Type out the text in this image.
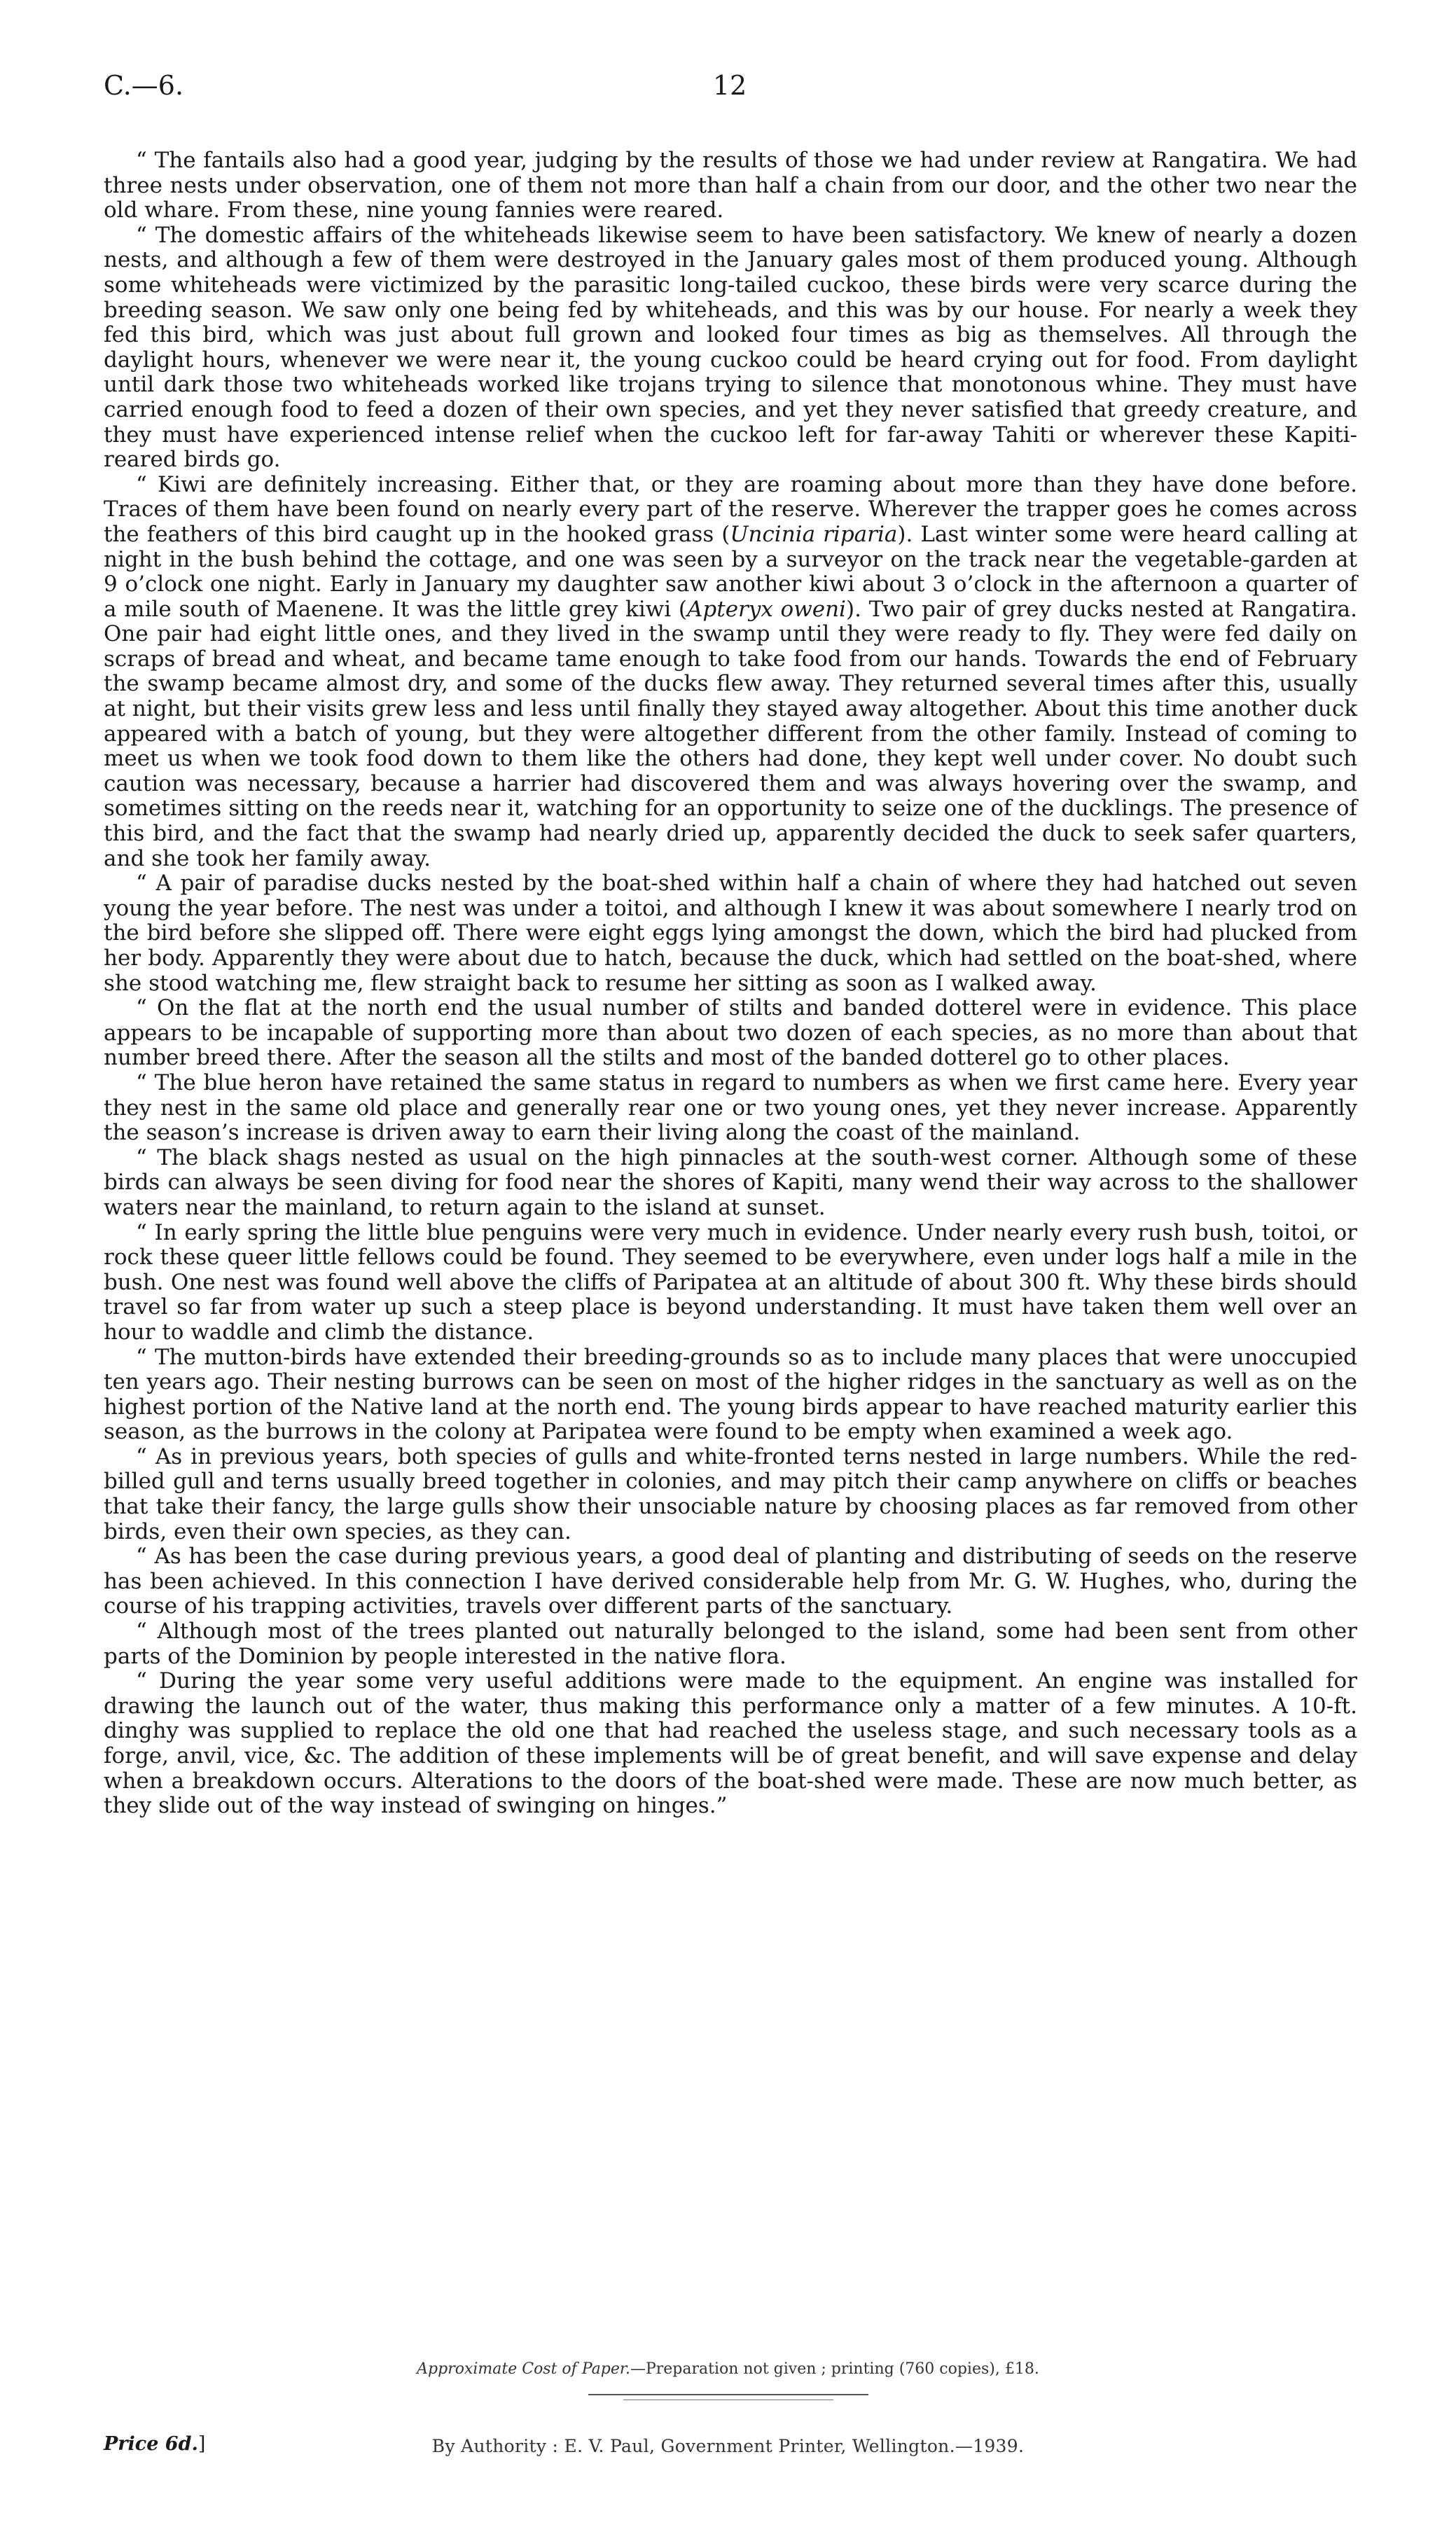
C.—6.	12

“ The fantails also had a good year, judging by the results of those we had under review at Rangatira. We had three nests under observation, one of them not more than half a chain from our door, and the other two near the old whare. From these, nine young fannies were reared.

“ The domestic affairs of the whiteheads likewise seem to have been satisfactory. We knew of nearly a dozen nests, and although a few of them were destroyed in the January gales most of them produced young. Although some whiteheads were victimized by the parasitic long-tailed cuckoo, these birds were very scarce during the breeding season. We saw only one being fed by whiteheads, and this was by our house. For nearly a week they fed this bird, which was just about full grown and looked four times as big as themselves. All through the daylight hours, whenever we were near it, the young cuckoo could be heard crying out for food. From daylight until dark those two whiteheads worked like trojans trying to silence that monotonous whine. They must have carried enough food to feed a dozen of their own species, and yet they never satisfied that greedy creature, and they must have experienced intense relief when the cuckoo left for far-away Tahiti or wherever these Kapiti-reared birds go.

“ Kiwi are definitely increasing. Either that, or they are roaming about more than they have done before. Traces of them have been found on nearly every part of the reserve. Wherever the trapper goes he comes across the feathers of this bird caught up in the hooked grass (Uncinia riparia). Last winter some were heard calling at night in the bush behind the cottage, and one was seen by a surveyor on the track near the vegetable-garden at 9 o’clock one night. Early in January my daughter saw another kiwi about 3 o’clock in the afternoon a quarter of a mile south of Maenene. It was the little grey kiwi (Apteryx oweni). Two pair of grey ducks nested at Rangatira. One pair had eight little ones, and they lived in the swamp until they were ready to fly. They were fed daily on scraps of bread and wheat, and became tame enough to take food from our hands. Towards the end of February the swamp became almost dry, and some of the ducks flew away. They returned several times after this, usually at night, but their visits grew less and less until finally they stayed away altogether. About this time another duck appeared with a batch of young, but they were altogether different from the other family. Instead of coming to meet us when we took food down to them like the others had done, they kept well under cover. No doubt such caution was necessary, because a harrier had discovered them and was always hovering over the swamp, and sometimes sitting on the reeds near it, watching for an opportunity to seize one of the ducklings. The presence of this bird, and the fact that the swamp had nearly dried up, apparently decided the duck to seek safer quarters, and she took her family away.

“ A pair of paradise ducks nested by the boat-shed within half a chain of where they had hatched out seven young the year before. The nest was under a toitoi, and although I knew it was about somewhere I nearly trod on the bird before she slipped off. There were eight eggs lying amongst the down, which the bird had plucked from her body. Apparently they were about due to hatch, because the duck, which had settled on the boat-shed, where she stood watching me, flew straight back to resume her sitting as soon as I walked away.

“ On the flat at the north end the usual number of stilts and banded dotterel were in evidence. This place appears to be incapable of supporting more than about two dozen of each species, as no more than about that number breed there. After the season all the stilts and most of the banded dotterel go to other places.

“ The blue heron have retained the same status in regard to numbers as when we first came here. Every year they nest in the same old place and generally rear one or two young ones, yet they never increase. Apparently the season’s increase is driven away to earn their living along the coast of the mainland.

“ The black shags nested as usual on the high pinnacles at the south-west corner. Although some of these birds can always be seen diving for food near the shores of Kapiti, many wend their way across to the shallower waters near the mainland, to return again to the island at sunset.

“ In early spring the little blue penguins were very much in evidence. Under nearly every rush bush, toitoi, or rock these queer little fellows could be found. They seemed to be everywhere, even under logs half a mile in the bush. One nest was found well above the cliffs of Paripatea at an altitude of about 300 ft. Why these birds should travel so far from water up such a steep place is beyond understanding. It must have taken them well over an hour to waddle and climb the distance.

“ The mutton-birds have extended their breeding-grounds so as to include many places that were unoccupied ten years ago. Their nesting burrows can be seen on most of the higher ridges in the sanctuary as well as on the highest portion of the Native land at the north end. The young birds appear to have reached maturity earlier this season, as the burrows in the colony at Paripatea were found to be empty when examined a week ago.

“ As in previous years, both species of gulls and white-fronted terns nested in large numbers. While the red-billed gull and terns usually breed together in colonies, and may pitch their camp anywhere on cliffs or beaches that take their fancy, the large gulls show their unsociable nature by choosing places as far removed from other birds, even their own species, as they can.

“ As has been the case during previous years, a good deal of planting and distributing of seeds on the reserve has been achieved. In this connection I have derived considerable help from Mr. G. W. Hughes, who, during the course of his trapping activities, travels over different parts of the sanctuary.

“ Although most of the trees planted out naturally belonged to the island, some had been sent from other parts of the Dominion by people interested in the native flora.

“ During the year some very useful additions were made to the equipment. An engine was installed for drawing the launch out of the water, thus making this performance only a matter of a few minutes. A 10-ft. dinghy was supplied to replace the old one that had reached the useless stage, and such necessary tools as a forge, anvil, vice, &c. The addition of these implements will be of great benefit, and will save expense and delay when a breakdown occurs. Alterations to the doors of the boat-shed were made. These are now much better, as they slide out of the way instead of swinging on hinges.”

Approximate Cost of Paper.—Preparation not given ; printing (760 copies), £18.
Price 6d.]	By Authority : E. V. Paul, Government Printer, Wellington.—1939.
